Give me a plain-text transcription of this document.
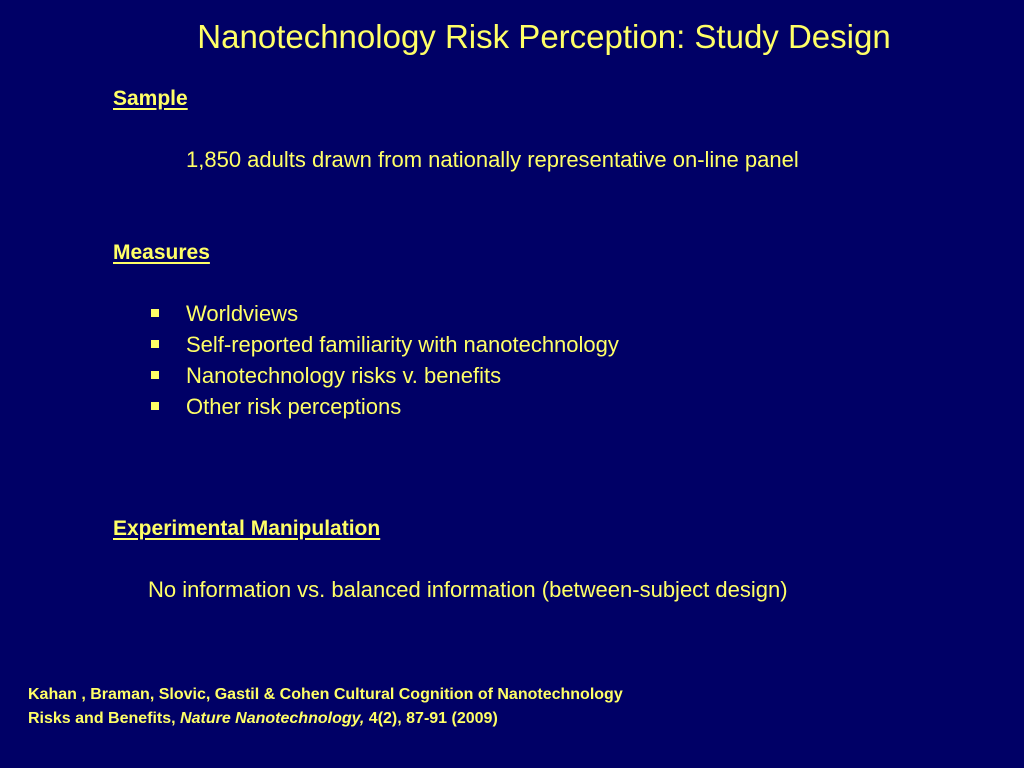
Nanotechnology Risk Perception: Study Design
Sample
1,850 adults drawn from nationally representative on-line panel
Measures
Worldviews
Self-reported familiarity with nanotechnology
Nanotechnology risks v. benefits
Other risk perceptions
Experimental Manipulation
No information vs. balanced information (between-subject design)
Kahan , Braman, Slovic, Gastil & Cohen Cultural Cognition of Nanotechnology
Risks and Benefits, Nature Nanotechnology, 4(2), 87-91 (2009)
